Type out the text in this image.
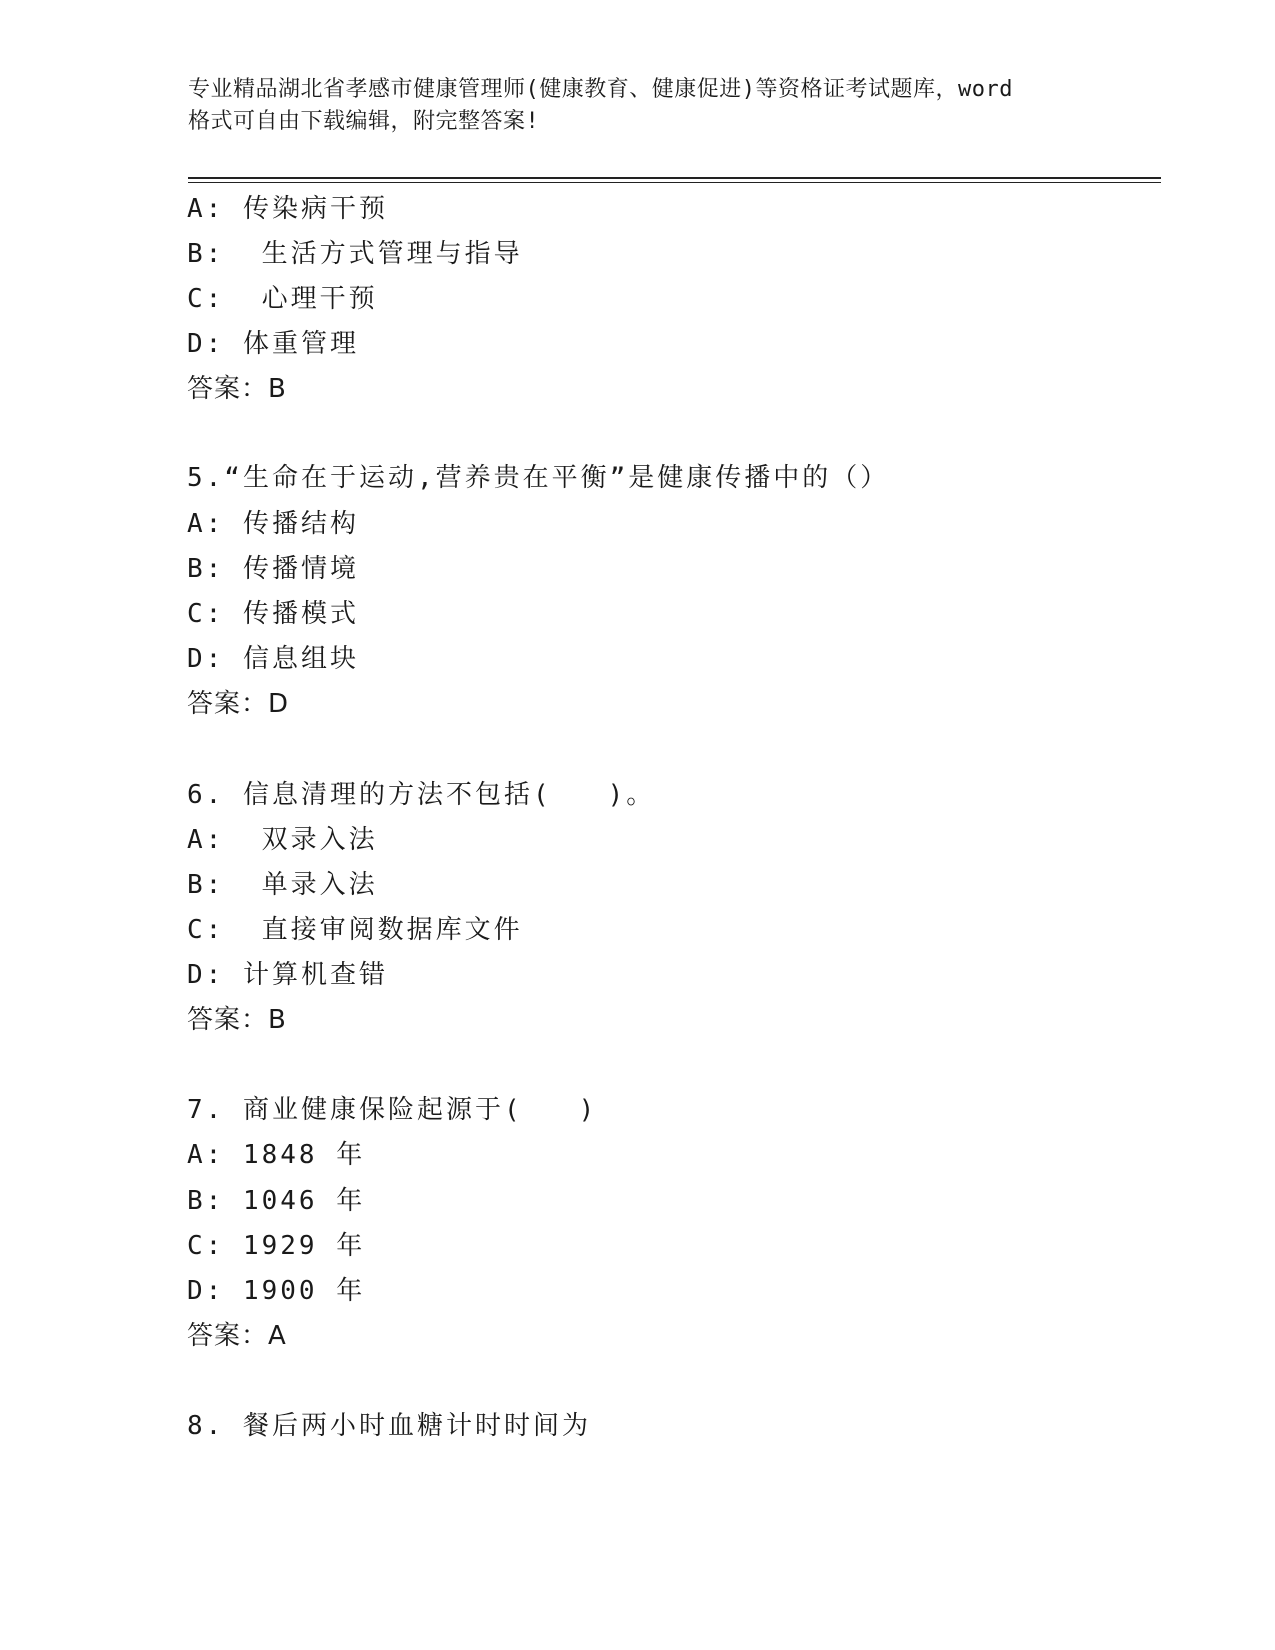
专业精品湖北省孝感市健康管理师(健康教育、健康促进)等资格证考试题库，word
格式可自由下载编辑，附完整答案!
A: 传染病干预
B:  生活方式管理与指导
C:  心理干预
D: 体重管理
答案：B
5.“生命在于运动,营养贵在平衡”是健康传播中的（）
A: 传播结构
B: 传播情境
C: 传播模式
D: 信息组块
答案：D
6. 信息清理的方法不包括(   )。
A:  双录入法
B:  单录入法
C:  直接审阅数据库文件
D: 计算机查错
答案：B
7. 商业健康保险起源于(   )
A: 1848 年
B: 1046 年
C: 1929 年
D: 1900 年
答案：A
8. 餐后两小时血糖计时时间为
